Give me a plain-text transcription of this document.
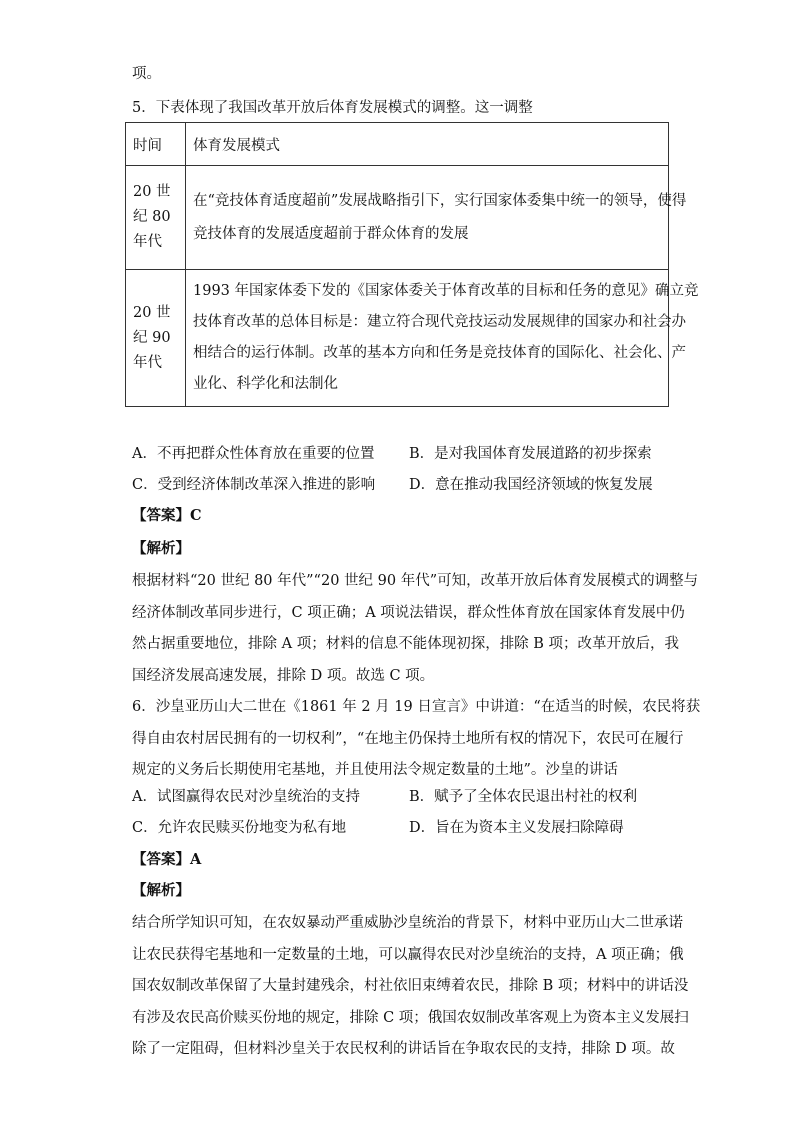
项。
5．下表体现了我国改革开放后体育发展模式的调整。这一调整
时间	体育发展模式

20 世
纪 80
年代	在“竞技体育适度超前”发展战略指引下，实行国家体委集中统一的领导，使得
竞技体育的发展适度超前于群众体育的发展

20 世
纪 90
年代	1993 年国家体委下发的《国家体委关于体育改革的目标和任务的意见》确立竞
技体育改革的总体目标是：建立符合现代竞技运动发展规律的国家办和社会办
相结合的运行体制。改革的基本方向和任务是竞技体育的国际化、社会化、产
业化、科学化和法制化
A．不再把群众性体育放在重要的位置 B．是对我国体育发展道路的初步探索
C．受到经济体制改革深入推进的影响 D．意在推动我国经济领域的恢复发展
【答案】C
【解析】
根据材料“20 世纪 80 年代”“20 世纪 90 年代”可知，改革开放后体育发展模式的调整与
经济体制改革同步进行，C 项正确；A 项说法错误，群众性体育放在国家体育发展中仍
然占据重要地位，排除 A 项；材料的信息不能体现初探，排除 B 项；改革开放后，我
国经济发展高速发展，排除 D 项。故选 C 项。
6．沙皇亚历山大二世在《1861 年 2 月 19 日宣言》中讲道：“在适当的时候，农民将获
得自由农村居民拥有的一切权利”，“在地主仍保持土地所有权的情况下，农民可在履行
规定的义务后长期使用宅基地，并且使用法令规定数量的土地”。沙皇的讲话
A．试图赢得农民对沙皇统治的支持	B．赋予了全体农民退出村社的权利
C．允许农民赎买份地变为私有地	D．旨在为资本主义发展扫除障碍
【答案】A
【解析】
结合所学知识可知，在农奴暴动严重威胁沙皇统治的背景下，材料中亚历山大二世承诺
让农民获得宅基地和一定数量的土地，可以赢得农民对沙皇统治的支持，A 项正确；俄
国农奴制改革保留了大量封建残余，村社依旧束缚着农民，排除 B 项；材料中的讲话没
有涉及农民高价赎买份地的规定，排除 C 项；俄国农奴制改革客观上为资本主义发展扫
除了一定阻碍，但材料沙皇关于农民权利的讲话旨在争取农民的支持，排除 D 项。故
